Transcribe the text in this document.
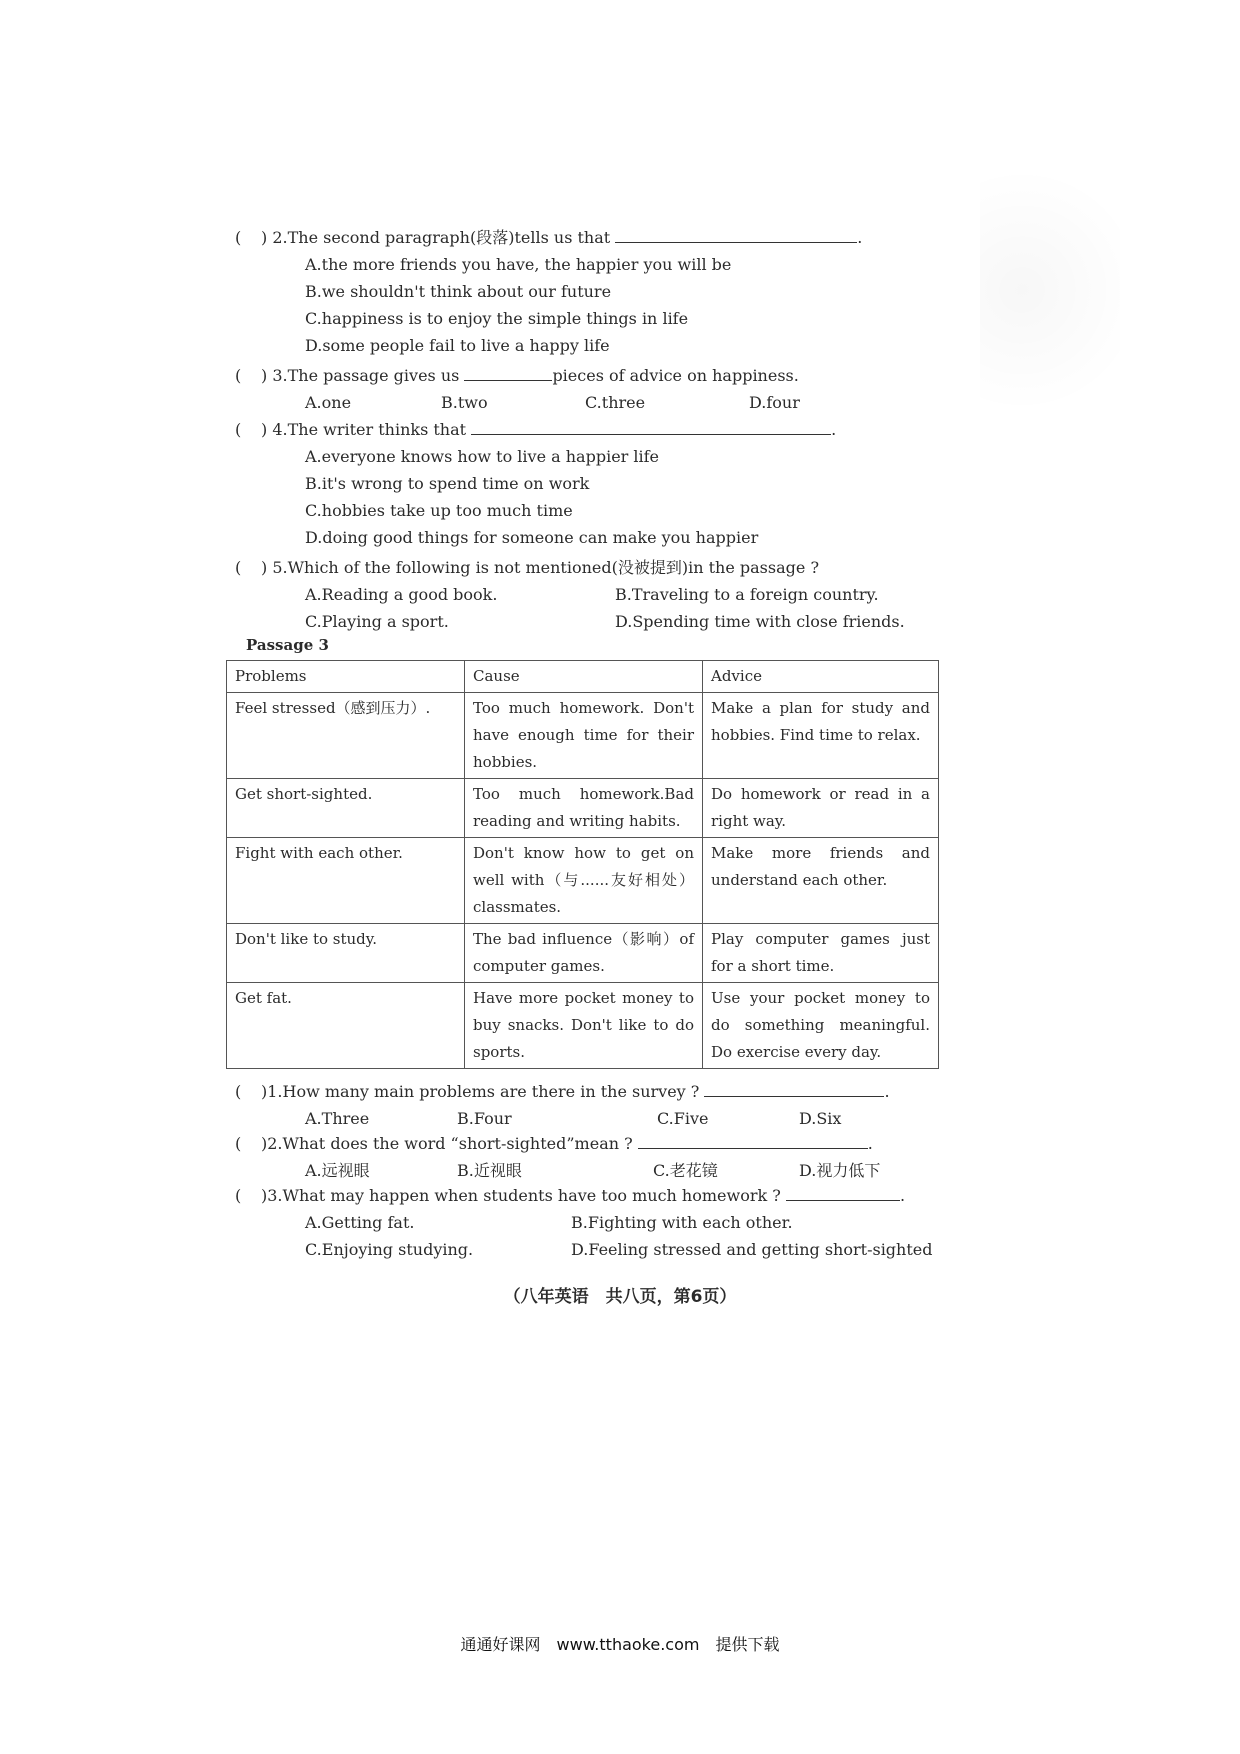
( ) 2.The second paragraph(段落)tells us that	.
A.the more friends you have, the happier you will be
B.we shouldn't think about our future
C.happiness is to enjoy the simple things in life
D.some people fail to live a happy life
( ) 3.The passage gives us	pieces of advice on happiness.
A.one	B.two	C.three	D.four
( ) 4.The writer thinks that	.
A.everyone knows how to live a happier life
B.it's wrong to spend time on work
C.hobbies take up too much time
D.doing good things for someone can make you happier
( ) 5.Which of the following is not mentioned(没被提到)in the passage ?
A.Reading a good book.	B.Traveling to a foreign country.
C.Playing a sport.	D.Spending time with close friends.
Passage 3
Problems	Cause	Advice
Feel stressed（感到压力）.	Too much homework. Don't have enough time for their hobbies.	Make a plan for study and hobbies. Find time to relax.
Get short-sighted.	Too much homework.Bad reading and writing habits.	Do homework or read in a right way.
Fight with each other.	Don't know how to get on well with（与......友好相处）classmates.	Make more friends and understand each other.
Don't like to study.	The bad influence（影响）of computer games.	Play computer games just for a short time.
Get fat.	Have more pocket money to buy snacks. Don't like to do sports.	Use your pocket money to do something meaningful. Do exercise every day.
( )1.How many main problems are there in the survey ?	.
A.Three	B.Four	C.Five	D.Six
( )2.What does the word “short-sighted”mean ?	.
A.远视眼	B.近视眼	C.老花镜	D.视力低下
( )3.What may happen when students have too much homework ?	.
A.Getting fat.	B.Fighting with each other.
C.Enjoying studying.	D.Feeling stressed and getting short-sighted
（八年英语　共八页，第6页）
通通好课网　www.tthaoke.com　提供下载
